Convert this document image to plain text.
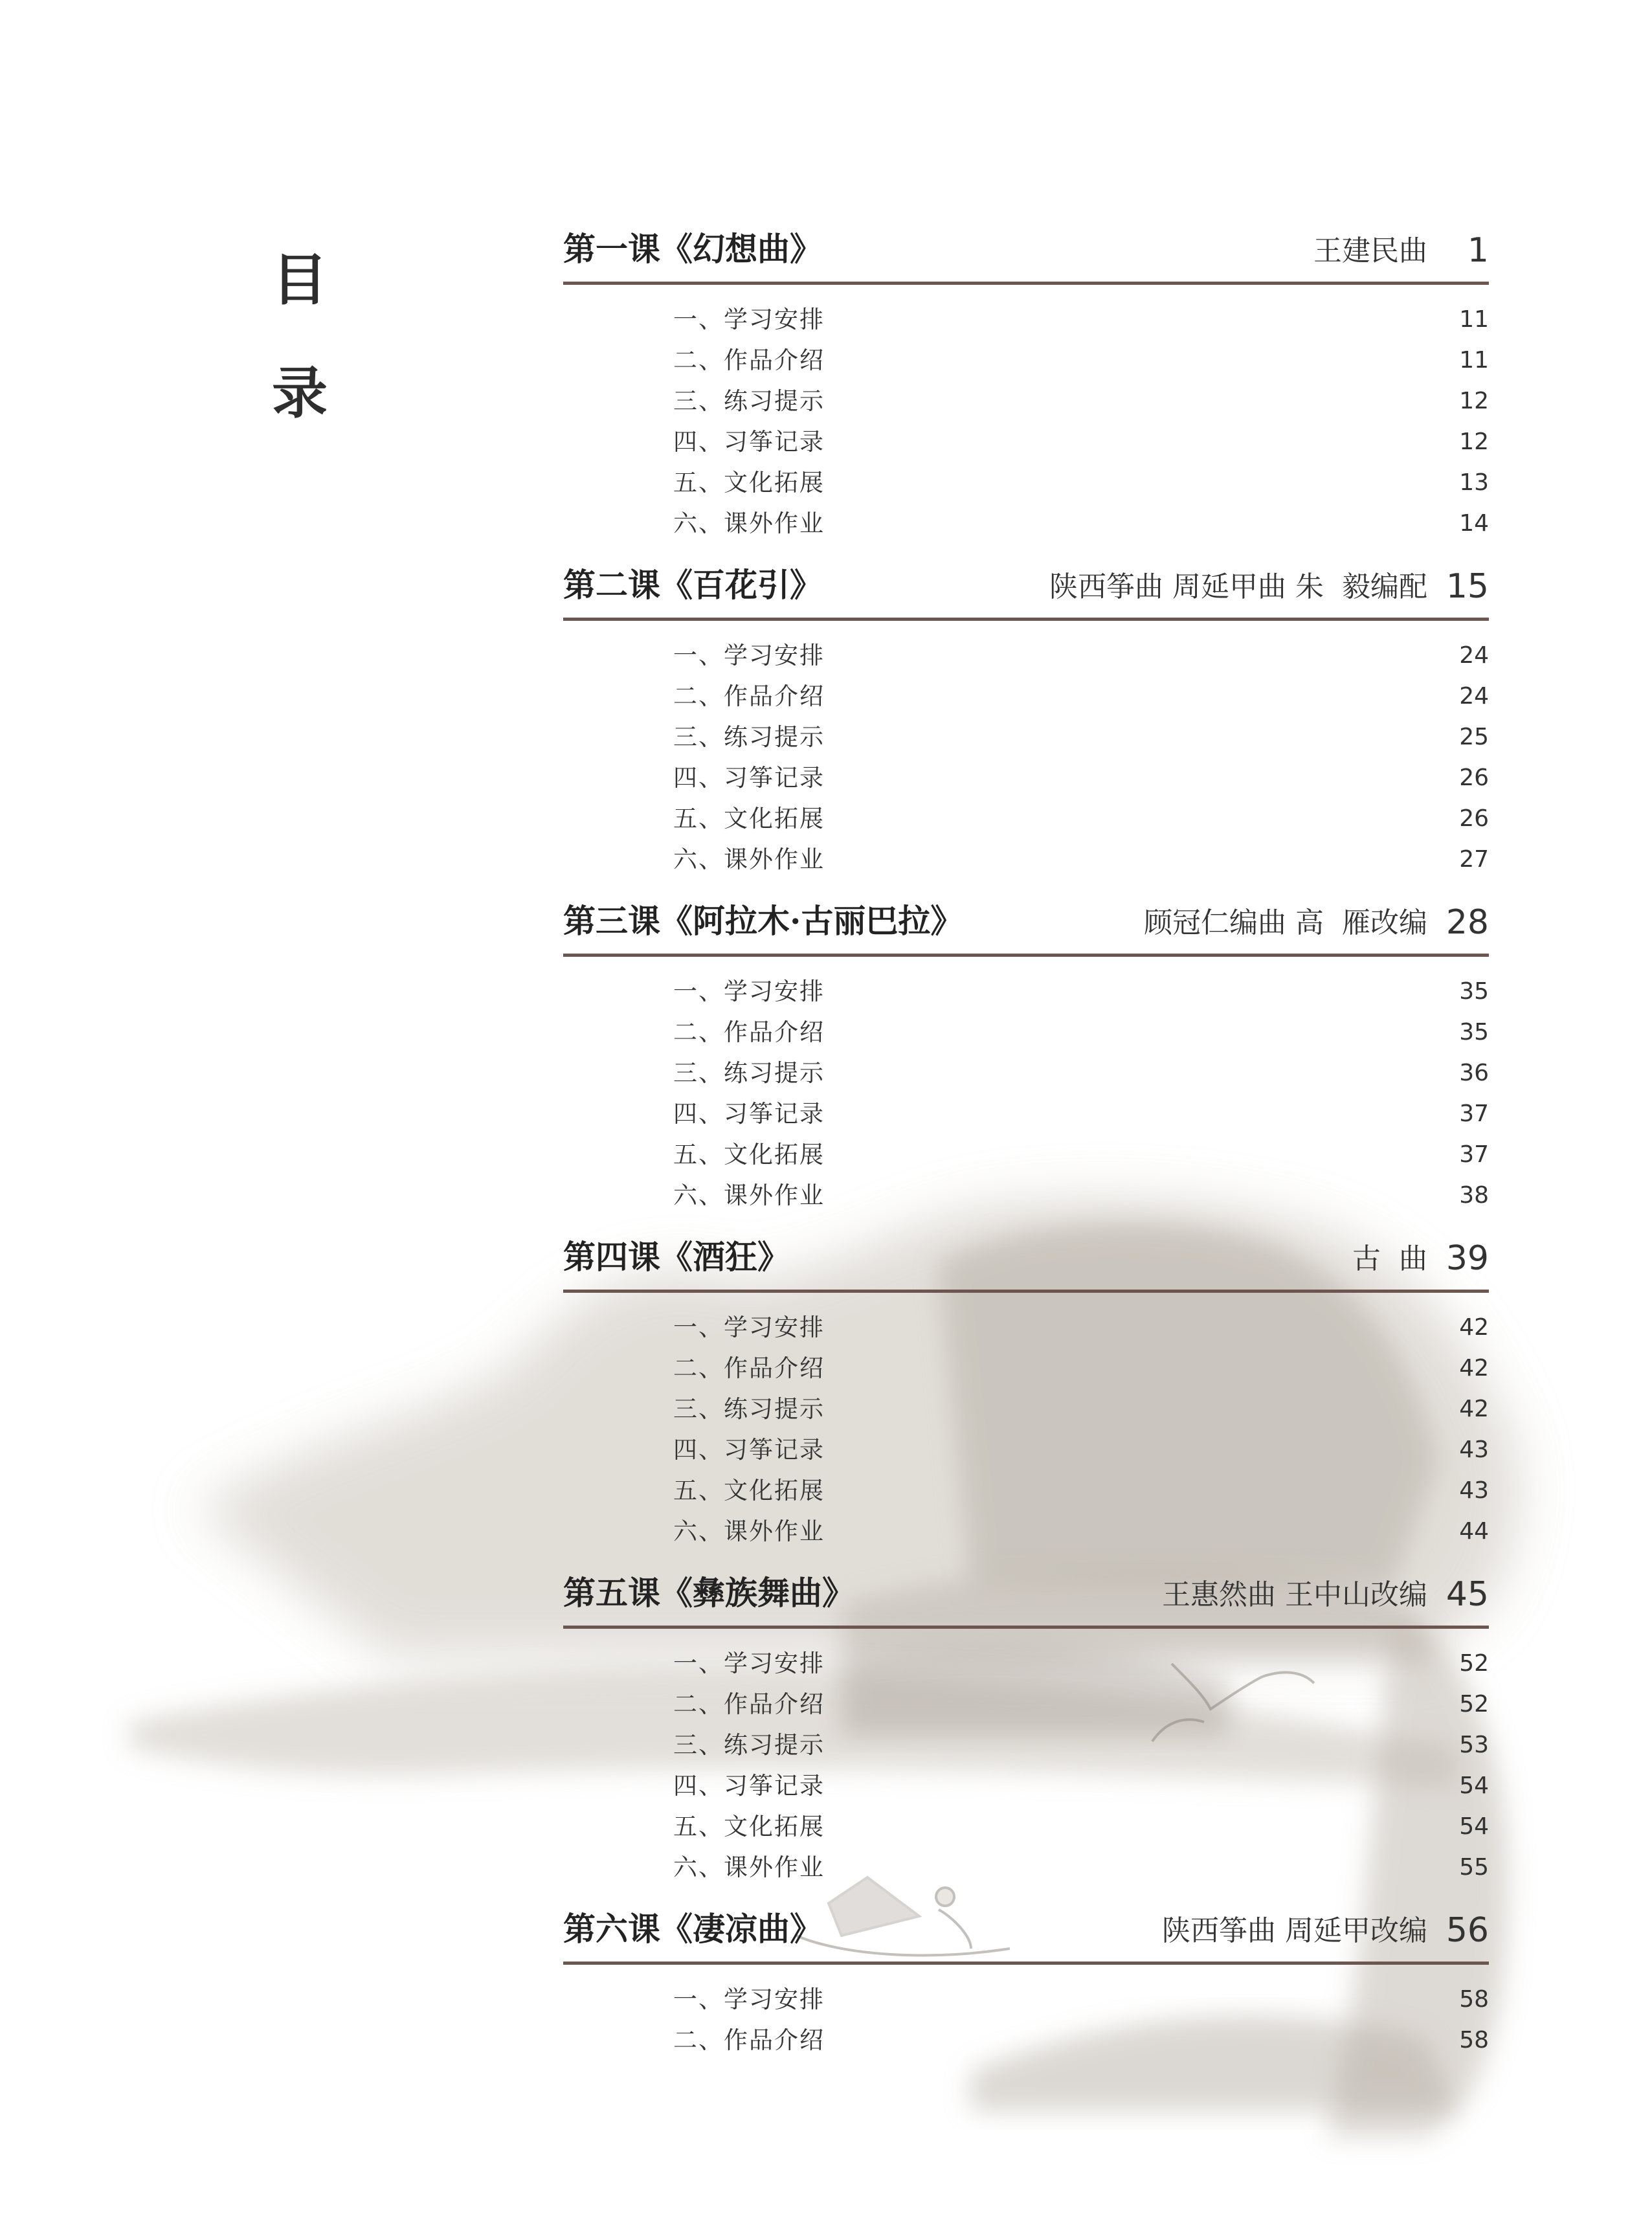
目
录
第一课《幻想曲》	王建民曲 1
一、学习安排	11
二、作品介绍	11
三、练习提示	12
四、习筝记录	12
五、文化拓展	13
六、课外作业	14
第二课《百花引》	陕西筝曲 周延甲曲 朱  毅编配 15
一、学习安排	24
二、作品介绍	24
三、练习提示	25
四、习筝记录	26
五、文化拓展	26
六、课外作业	27
第三课《阿拉木·古丽巴拉》	顾冠仁编曲 高  雁改编 28
一、学习安排	35
二、作品介绍	35
三、练习提示	36
四、习筝记录	37
五、文化拓展	37
六、课外作业	38
第四课《酒狂》	古  曲 39
一、学习安排	42
二、作品介绍	42
三、练习提示	42
四、习筝记录	43
五、文化拓展	43
六、课外作业	44
第五课《彝族舞曲》	王惠然曲 王中山改编 45
一、学习安排	52
二、作品介绍	52
三、练习提示	53
四、习筝记录	54
五、文化拓展	54
六、课外作业	55
第六课《凄凉曲》	陕西筝曲 周延甲改编 56
一、学习安排	58
二、作品介绍	58
